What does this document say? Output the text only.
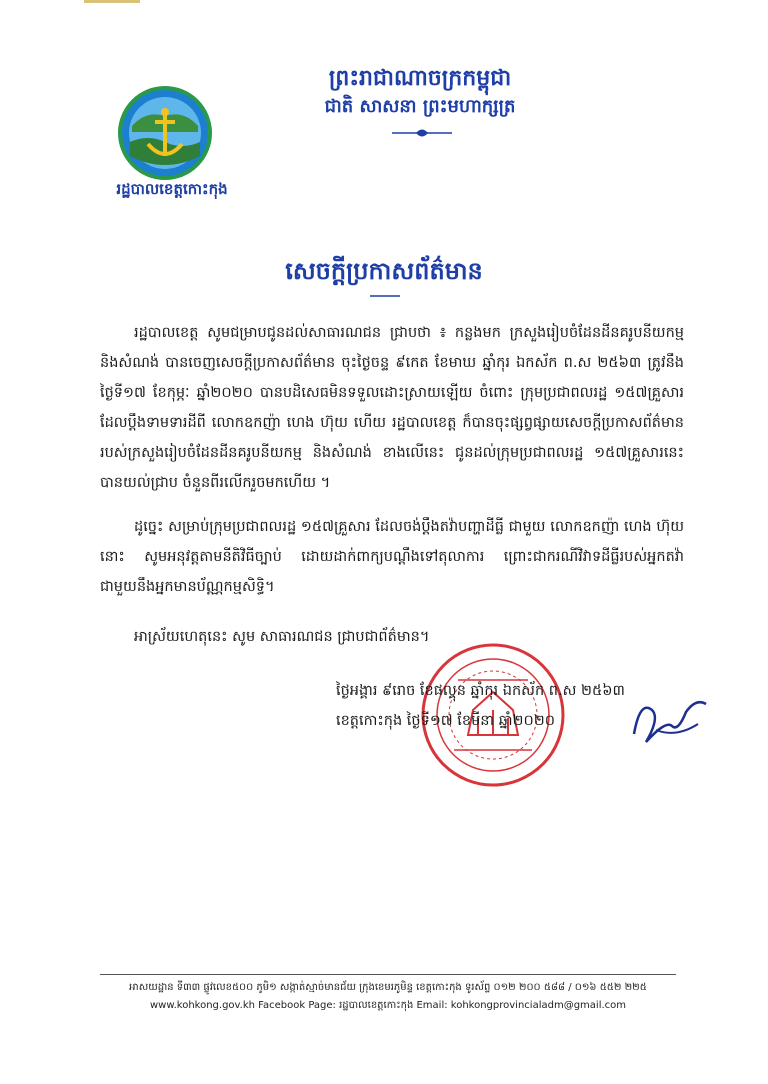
ព្រះរាជាណាចក្រកម្ពុជា
ជាតិ សាសនា ព្រះមហាក្សត្រ
រដ្ឋបាលខេត្តកោះកុង
សេចក្តីប្រកាសព័ត៌មាន
រដ្ឋបាលខេត្ត សូមជម្រាបជូនដល់សាធារណជន ជ្រាបថា ៖ កន្លងមក ក្រសួងរៀបចំដែនដីនគរូបនីយកម្ម និងសំណង់ បានចេញសេចក្តីប្រកាសព័ត៌មាន ចុះថ្ងៃចន្ទ ៩កេត ខែមាឃ ឆ្នាំកុរ ឯកស័ក ព.ស ២៥៦៣ ត្រូវនឹងថ្ងៃទី១៧ ខែកុម្ភៈ ឆ្នាំ២០២០ បានបដិសេធមិនទទួលដោះស្រាយឡើយ ចំពោះ ក្រុមប្រជាពលរដ្ឋ ១៥៧គ្រួសារ ដែលប្តឹងទាមទារដីពី លោកឧកញ៉ា ហេង ហ៊ុយ ហើយ រដ្ឋបាលខេត្ត ក៏បានចុះផ្សព្វផ្សាយសេចក្តីប្រកាសព័ត៌មានរបស់ក្រសួងរៀបចំដែនដីនគរូបនីយកម្ម និងសំណង់ ខាងលើនេះ ជូនដល់ក្រុមប្រជាពលរដ្ឋ ១៥៧គ្រួសារនេះ បានយល់ជ្រាប ចំនួនពីរលើករួចមកហើយ ។
ដូច្នេះ សម្រាប់ក្រុមប្រជាពលរដ្ឋ ១៥៧គ្រួសារ ដែលចង់ប្តឹងតវ៉ាបញ្ហាដីធ្លី ជាមួយ លោកឧកញ៉ា ហេង ហ៊ុយ នោះ សូមអនុវត្តតាមនីតិវិធីច្បាប់ ដោយដាក់ពាក្យបណ្តឹងទៅតុលាការ ព្រោះជាករណីវិវាទដីធ្លីរបស់អ្នកតវ៉ា ជាមួយនឹងអ្នកមានប័ណ្ណកម្មសិទ្ធិ។
អាស្រ័យហេតុនេះ សូម សាធារណជន ជ្រាបជាព័ត៌មាន។
ថ្ងៃអង្គារ ៩រោច ខែផល្គុន ឆ្នាំកុរ ឯកស័ក ព.ស ២៥៦៣
ខេត្តកោះកុង ថ្ងៃទី១៧ ខែមីនា ឆ្នាំ២០២០
អាសយដ្ឋាន ទី៣៣ ផ្លូវលេខ៥០០ ភូមិ១ សង្កាត់ស្មាច់មានជ័យ ក្រុងខេមរភូមិន្ទ ខេត្តកោះកុង ទូរស័ព្ទ ០១២ ២០០ ៥៨៨ / ០១៦ ៥៥២ ២២៥
www.kohkong.gov.kh Facebook Page: រដ្ឋបាលខេត្តកោះកុង Email: kohkongprovincialadm@gmail.com
